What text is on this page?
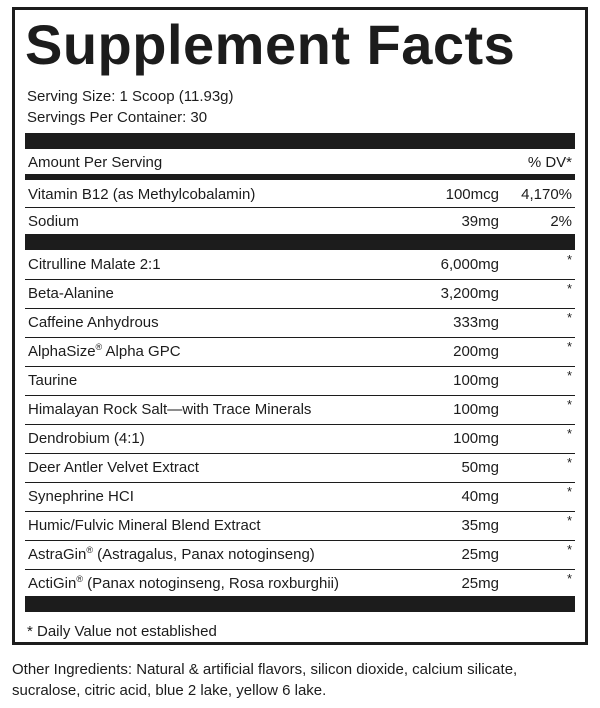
Supplement Facts
Serving Size: 1 Scoop (11.93g)
Servings Per Container: 30
Amount Per Serving	% DV*
Vitamin B12 (as Methylcobalamin)	100mcg 4,170%
Sodium	39mg	2%
Citrulline Malate 2:1	6,000mg	*
Beta-Alanine	3,200mg	*
Caffeine Anhydrous	333mg	*
AlphaSize® Alpha GPC	200mg	*
Taurine	100mg	*
Himalayan Rock Salt—with Trace Minerals	100mg	*
Dendrobium (4:1)	100mg	*
Deer Antler Velvet Extract	50mg	*
Synephrine HCI	40mg	*
Humic/Fulvic Mineral Blend Extract	35mg	*
AstraGin® (Astragalus, Panax notoginseng)	25mg	*
ActiGin® (Panax notoginseng, Rosa roxburghii)	25mg	*
* Daily Value not established
Other Ingredients: Natural & artificial flavors, silicon dioxide, calcium silicate, sucralose, citric acid, blue 2 lake, yellow 6 lake.
